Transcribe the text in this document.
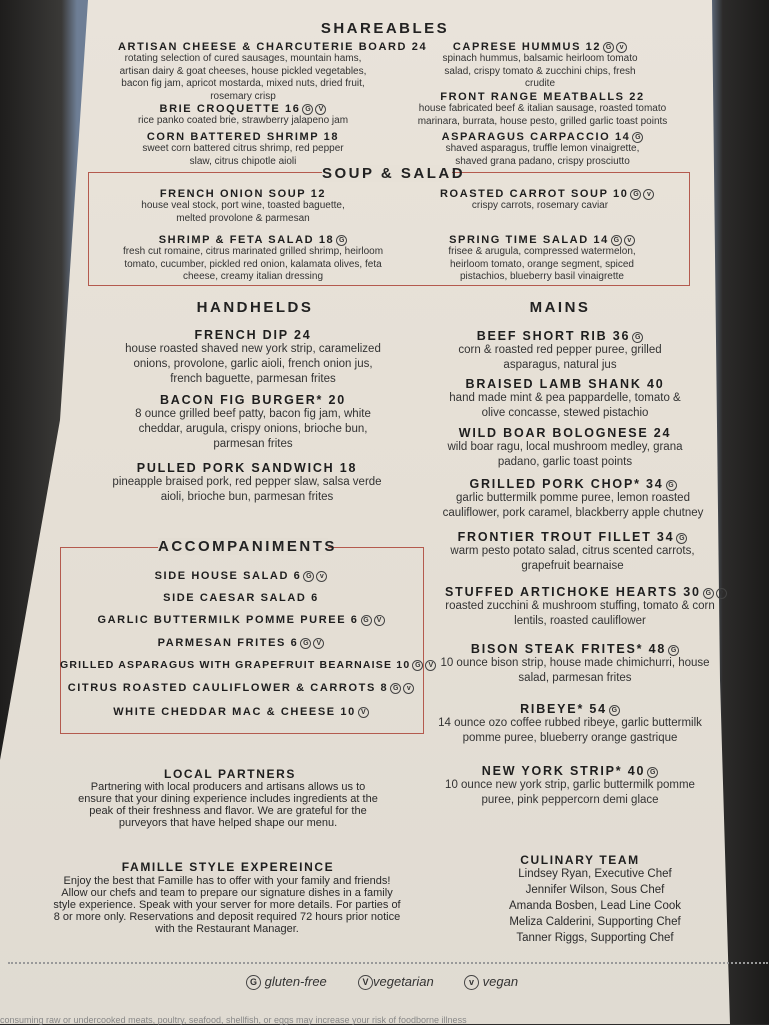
SHAREABLES
ARTISAN CHEESE & CHARCUTERIE BOARD 24
rotating selection of cured sausages, mountain hams, artisan dairy & goat cheeses, house pickled vegetables, bacon fig jam, apricot mostarda, mixed nuts, dried fruit, rosemary crisp
CAPRESE HUMMUS 12 G v
spinach hummus, balsamic heirloom tomato salad, crispy tomato & zucchini chips, fresh crudite
BRIE CROQUETTE 16 G V
rice panko coated brie, strawberry jalapeno jam
FRONT RANGE MEATBALLS 22
house fabricated beef & italian sausage, roasted tomato marinara, burrata, house pesto, grilled garlic toast points
CORN BATTERED SHRIMP 18
sweet corn battered citrus shrimp, red pepper slaw, citrus chipotle aioli
ASPARAGUS CARPACCIO 14 G
shaved asparagus, truffle lemon vinaigrette, shaved grana padano, crispy prosciutto
SOUP & SALAD
FRENCH ONION SOUP 12
house veal stock, port wine, toasted baguette, melted provolone & parmesan
ROASTED CARROT SOUP 10 G v
crispy carrots, rosemary caviar
SHRIMP & FETA SALAD 18 G
fresh cut romaine, citrus marinated grilled shrimp, heirloom tomato, cucumber, pickled red onion, kalamata olives, feta cheese, creamy italian dressing
SPRING TIME SALAD 14 G v
frisee & arugula, compressed watermelon, heirloom tomato, orange segment, spiced pistachios, blueberry basil vinaigrette
HANDHELDS
FRENCH DIP 24
house roasted shaved new york strip, caramelized onions, provolone, garlic aioli, french onion jus, french baguette, parmesan frites
BACON FIG BURGER* 20
8 ounce grilled beef patty, bacon fig jam, white cheddar, arugula, crispy onions, brioche bun, parmesan frites
PULLED PORK SANDWICH 18
pineapple braised pork, red pepper slaw, salsa verde aioli, brioche bun, parmesan frites
MAINS
BEEF SHORT RIB 36 G
corn & roasted red pepper puree, grilled asparagus, natural jus
BRAISED LAMB SHANK 40
hand made mint & pea pappardelle, tomato & olive concasse, stewed pistachio
WILD BOAR BOLOGNESE 24
wild boar ragu, local mushroom medley, grana padano, garlic toast points
GRILLED PORK CHOP* 34 G
garlic buttermilk pomme puree, lemon roasted cauliflower, pork caramel, blackberry apple chutney
FRONTIER TROUT FILLET 34 G
warm pesto potato salad, citrus scented carrots, grapefruit bearnaise
STUFFED ARTICHOKE HEARTS 30 G v
roasted zucchini & mushroom stuffing, tomato & corn lentils, roasted cauliflower
BISON STEAK FRITES* 48 G
10 ounce bison strip, house made chimichurri, house salad, parmesan frites
RIBEYE* 54 G
14 ounce ozo coffee rubbed ribeye, garlic buttermilk pomme puree, blueberry orange gastrique
NEW YORK STRIP* 40 G
10 ounce new york strip, garlic buttermilk pomme puree, pink peppercorn demi glace
ACCOMPANIMENTS
SIDE HOUSE SALAD 6 G v
SIDE CAESAR SALAD 6
GARLIC BUTTERMILK POMME PUREE 6 G V
PARMESAN FRITES 6 G V
GRILLED ASPARAGUS WITH GRAPEFRUIT BEARNAISE 10 G V
CITRUS ROASTED CAULIFLOWER & CARROTS 8 G v
WHITE CHEDDAR MAC & CHEESE 10 V
LOCAL PARTNERS
Partnering with local producers and artisans allows us to ensure that your dining experience includes ingredients at the peak of their freshness and flavor. We are grateful for the purveyors that have helped shape our menu.
FAMILLE STYLE EXPEREINCE
Enjoy the best that Famille has to offer with your family and friends! Allow our chefs and team to prepare our signature dishes in a family style experience. Speak with your server for more details. For parties of 8 or more only. Reservations and deposit required 72 hours prior notice with the Restaurant Manager.
CULINARY TEAM
Lindsey Ryan, Executive Chef
Jennifer Wilson, Sous Chef
Amanda Bosben, Lead Line Cook
Meliza Calderini, Supporting Chef
Tanner Riggs, Supporting Chef
G gluten-free	V vegetarian	v vegan
consuming raw or undercooked meats, poultry, seafood, shellfish, or eggs may increase your risk of foodborne illness
